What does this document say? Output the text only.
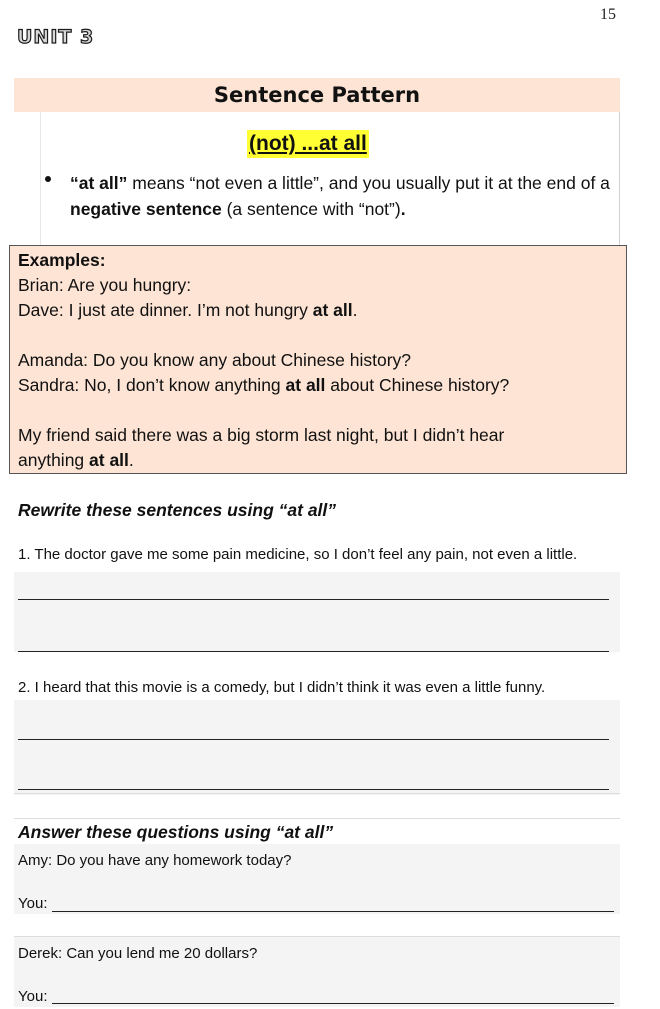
15
UNIT 3
Sentence Pattern
(not) ...at all
“at all” means “not even a little”, and you usually put it at the end of a negative sentence (a sentence with “not”).
Examples:
Brian: Are you hungry:
Dave: I just ate dinner. I’m not hungry at all.
Amanda: Do you know any about Chinese history?
Sandra: No, I don’t know anything at all about Chinese history?
My friend said there was a big storm last night, but I didn’t hear
anything at all.
Rewrite these sentences using “at all”
1. The doctor gave me some pain medicine, so I don’t feel any pain, not even a little.
2. I heard that this movie is a comedy, but I didn’t think it was even a little funny.
Answer these questions using “at all”
Amy: Do you have any homework today?
You:
Derek: Can you lend me 20 dollars?
You:
